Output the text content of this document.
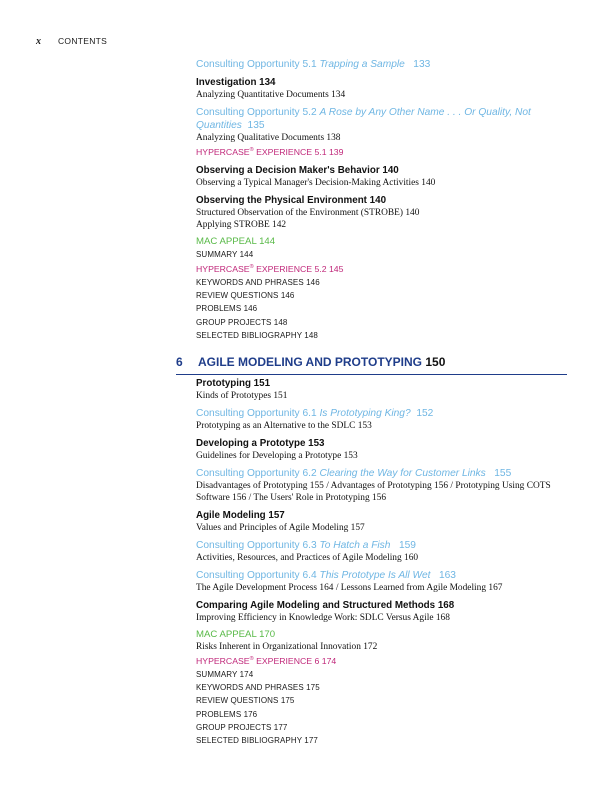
x CONTENTS
Consulting Opportunity 5.1 Trapping a Sample 133
Investigation 134
Analyzing Quantitative Documents 134
Consulting Opportunity 5.2 A Rose by Any Other Name . . . Or Quality, Not Quantities 135
Analyzing Qualitative Documents 138
HYPERCASE® EXPERIENCE 5.1 139
Observing a Decision Maker's Behavior 140
Observing a Typical Manager's Decision-Making Activities 140
Observing the Physical Environment 140
Structured Observation of the Environment (STROBE) 140
Applying STROBE 142
MAC APPEAL 144
SUMMARY 144
HYPERCASE® EXPERIENCE 5.2 145
KEYWORDS AND PHRASES 146
REVIEW QUESTIONS 146
PROBLEMS 146
GROUP PROJECTS 148
SELECTED BIBLIOGRAPHY 148
6 AGILE MODELING AND PROTOTYPING 150
Prototyping 151
Kinds of Prototypes 151
Consulting Opportunity 6.1 Is Prototyping King? 152
Prototyping as an Alternative to the SDLC 153
Developing a Prototype 153
Guidelines for Developing a Prototype 153
Consulting Opportunity 6.2 Clearing the Way for Customer Links 155
Disadvantages of Prototyping 155 / Advantages of Prototyping 156 / Prototyping Using COTS Software 156 / The Users' Role in Prototyping 156
Agile Modeling 157
Values and Principles of Agile Modeling 157
Consulting Opportunity 6.3 To Hatch a Fish 159
Activities, Resources, and Practices of Agile Modeling 160
Consulting Opportunity 6.4 This Prototype Is All Wet 163
The Agile Development Process 164 / Lessons Learned from Agile Modeling 167
Comparing Agile Modeling and Structured Methods 168
Improving Efficiency in Knowledge Work: SDLC Versus Agile 168
MAC APPEAL 170
Risks Inherent in Organizational Innovation 172
HYPERCASE® EXPERIENCE 6 174
SUMMARY 174
KEYWORDS AND PHRASES 175
REVIEW QUESTIONS 175
PROBLEMS 176
GROUP PROJECTS 177
SELECTED BIBLIOGRAPHY 177
